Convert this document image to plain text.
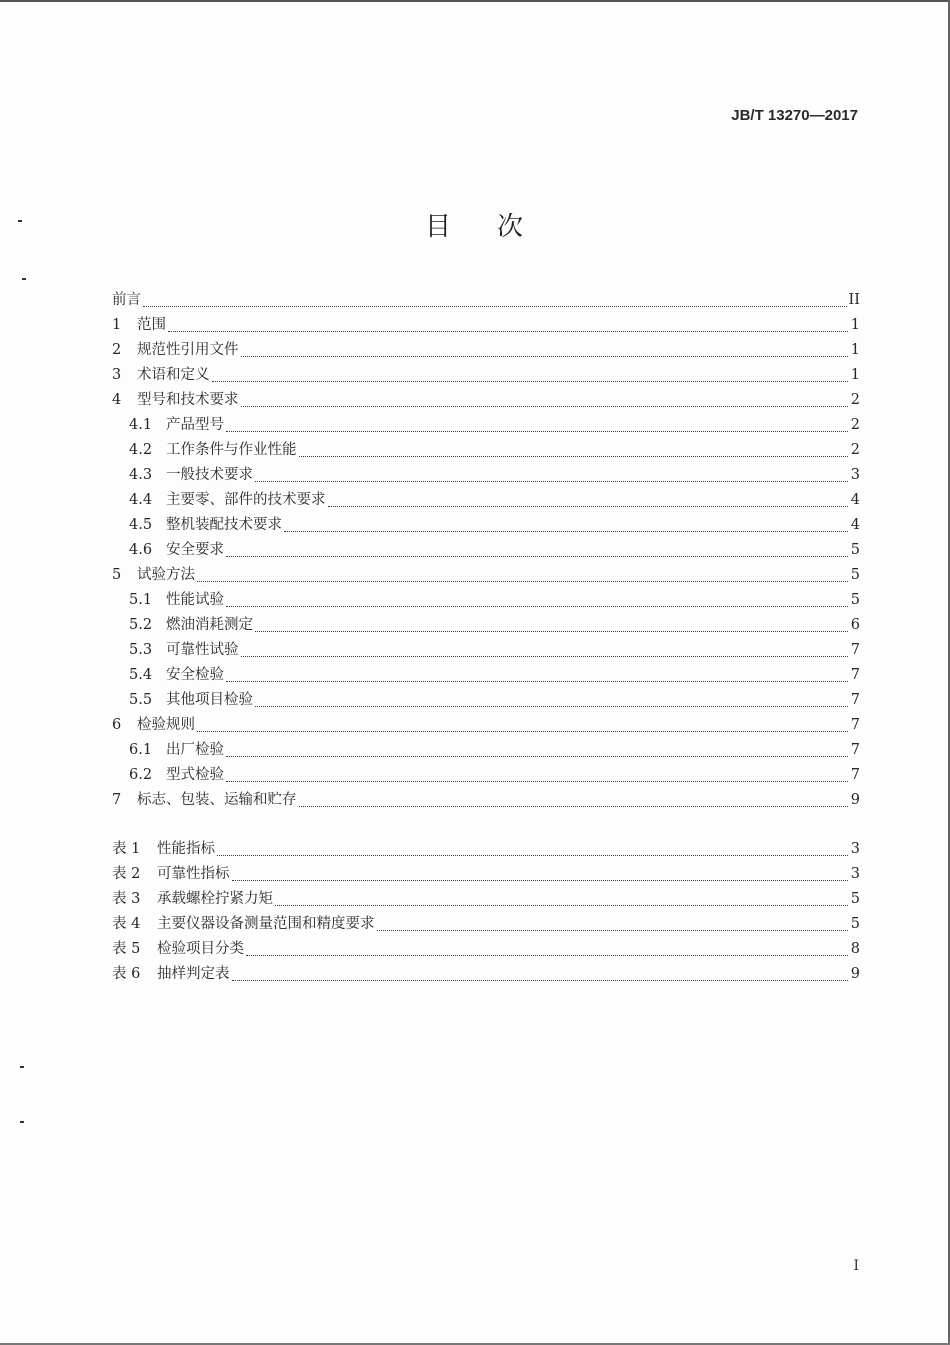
JB/T 13270—2017
目 次
前言	II
1	范围	1
2	规范性引用文件	1
3	术语和定义	1
4	型号和技术要求	2
4.1 产品型号	2
4.2 工作条件与作业性能	2
4.3 一般技术要求	3
4.4 主要零、部件的技术要求	4
4.5 整机装配技术要求	4
4.6 安全要求	5
5	试验方法	5
5.1 性能试验	5
5.2 燃油消耗测定	6
5.3 可靠性试验	7
5.4 安全检验	7
5.5 其他项目检验	7
6	检验规则	7
6.1 出厂检验	7
6.2 型式检验	7
7	标志、包装、运输和贮存	9
表 1	性能指标	3
表 2	可靠性指标	3
表 3	承载螺栓拧紧力矩	5
表 4	主要仪器设备测量范围和精度要求	5
表 5	检验项目分类	8
表 6	抽样判定表	9
I
